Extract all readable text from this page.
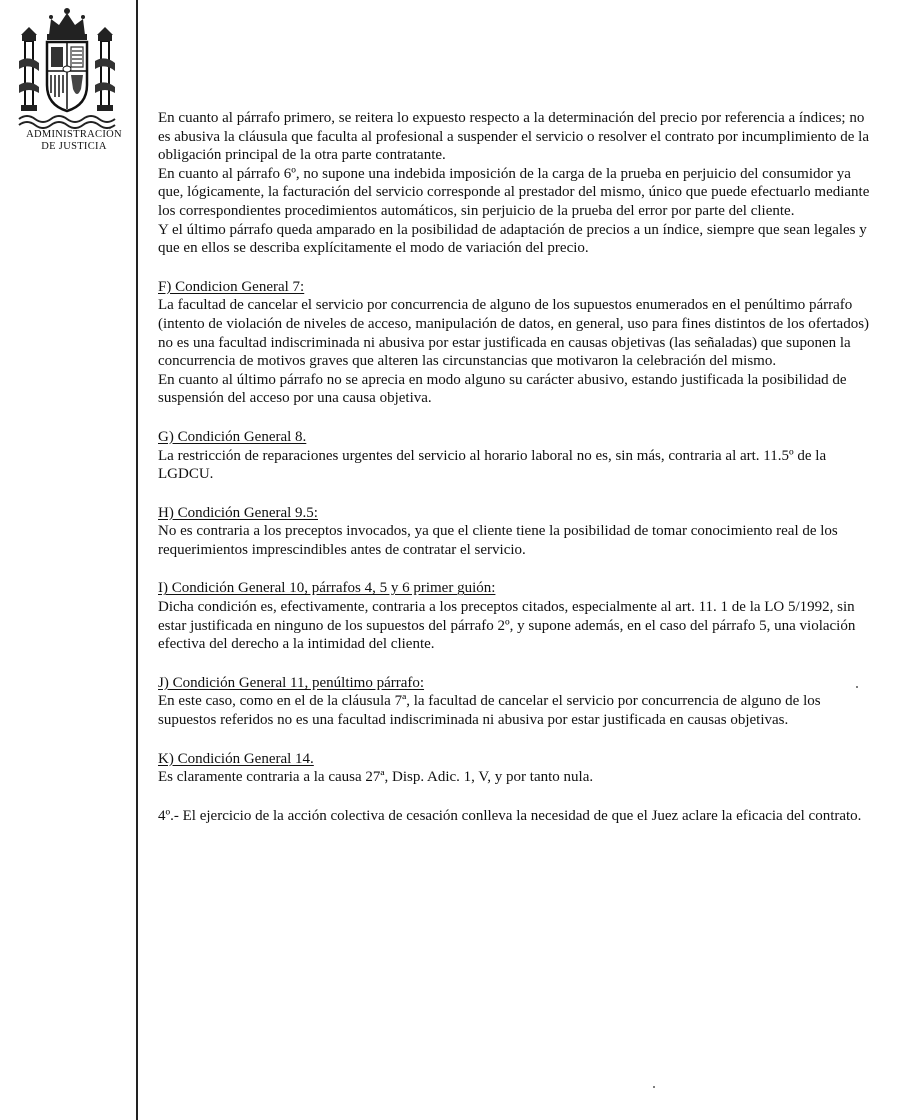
ADMINISTRACIÓN
DE JUSTICIA

En cuanto al párrafo primero, se reitera lo expuesto respecto a la determinación del precio por referencia a índices; no es abusiva la cláusula que faculta al profesional a suspender el servicio o resolver el contrato por incumplimiento de la obligación principal de la otra parte contratante.

En cuanto al párrafo 6º, no supone una indebida imposición de la carga de la prueba en perjuicio del consumidor ya que, lógicamente, la facturación del servicio corresponde al prestador del mismo, único que puede efectuarlo mediante los correspondientes procedimientos automáticos, sin perjuicio de la prueba del error por parte del cliente.

Y el último párrafo queda amparado en la posibilidad de adaptación de precios a un índice, siempre que sean legales y que en ellos se describa explícitamente el modo de variación del precio.

F) Condicion General 7:

La facultad de cancelar el servicio por concurrencia de alguno de los supuestos enumerados en el penúltimo párrafo (intento de violación de niveles de acceso, manipulación de datos, en general, uso para fines distintos de los ofertados) no es una facultad indiscriminada ni abusiva por estar justificada en causas objetivas (las señaladas) que suponen la concurrencia de motivos graves que alteren las circunstancias que motivaron la celebración del mismo.

En cuanto al último párrafo no se aprecia en modo alguno su carácter abusivo, estando justificada la posibilidad de suspensión del acceso por una causa objetiva.

G) Condición General 8.

La restricción de reparaciones urgentes del servicio al horario laboral no es, sin más, contraria al art. 11.5º de la LGDCU.

H) Condición General 9.5:

No es contraria a los preceptos invocados, ya que el cliente tiene la posibilidad de tomar conocimiento real de los requerimientos imprescindibles antes de contratar el servicio.

I) Condición General 10, párrafos 4, 5 y 6 primer guión:

Dicha condición es, efectivamente, contraria a los preceptos citados, especialmente al art. 11. 1 de la LO 5/1992, sin estar justificada en ninguno de los supuestos del párrafo 2º, y supone además, en el caso del párrafo 5, una violación efectiva del derecho a la intimidad del cliente.

J) Condición General 11, penúltimo párrafo:

En este caso, como en el de la cláusula 7ª, la facultad de cancelar el servicio por concurrencia de alguno de los supuestos referidos no es una facultad indiscriminada ni abusiva por estar justificada en causas objetivas.

K) Condición General 14.

Es claramente contraria a la causa 27ª, Disp. Adic. 1, V, y por tanto nula.

4º.- El ejercicio de la acción colectiva de cesación conlleva la necesidad de que el Juez aclare la eficacia del contrato.
